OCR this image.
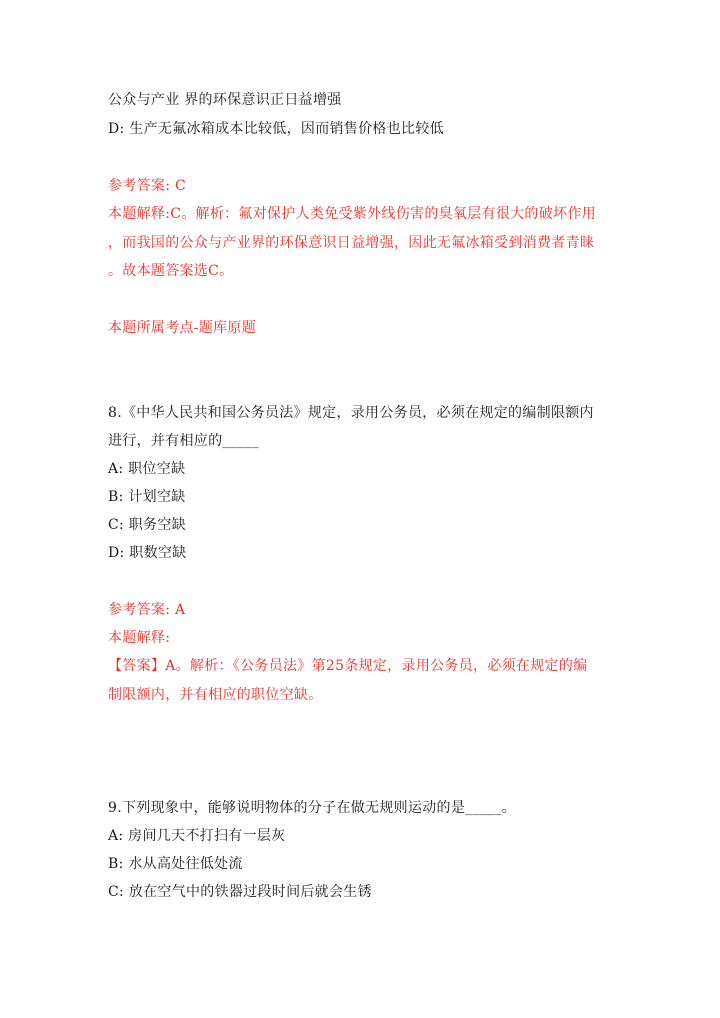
公众与产业 界的环保意识正日益增强
D: 生产无氟冰箱成本比较低，因而销售价格也比较低
参考答案: C
本题解释:C。解析：氟对保护人类免受紫外线伤害的臭氧层有很大的破坏作用
，而我国的公众与产业界的环保意识日益增强，因此无氟冰箱受到消费者青睐
。故本题答案选C。
本题所属考点-题库原题
8.《中华人民共和国公务员法》规定，录用公务员，必须在规定的编制限额内
进行，并有相应的_____
A: 职位空缺
B: 计划空缺
C: 职务空缺
D: 职数空缺
参考答案: A
本题解释:
【答案】A。解析：《公务员法》第25条规定，录用公务员，必须在规定的编
制限额内，并有相应的职位空缺。
9.下列现象中，能够说明物体的分子在做无规则运动的是_____。
A: 房间几天不打扫有一层灰
B: 水从高处往低处流
C: 放在空气中的铁器过段时间后就会生锈
